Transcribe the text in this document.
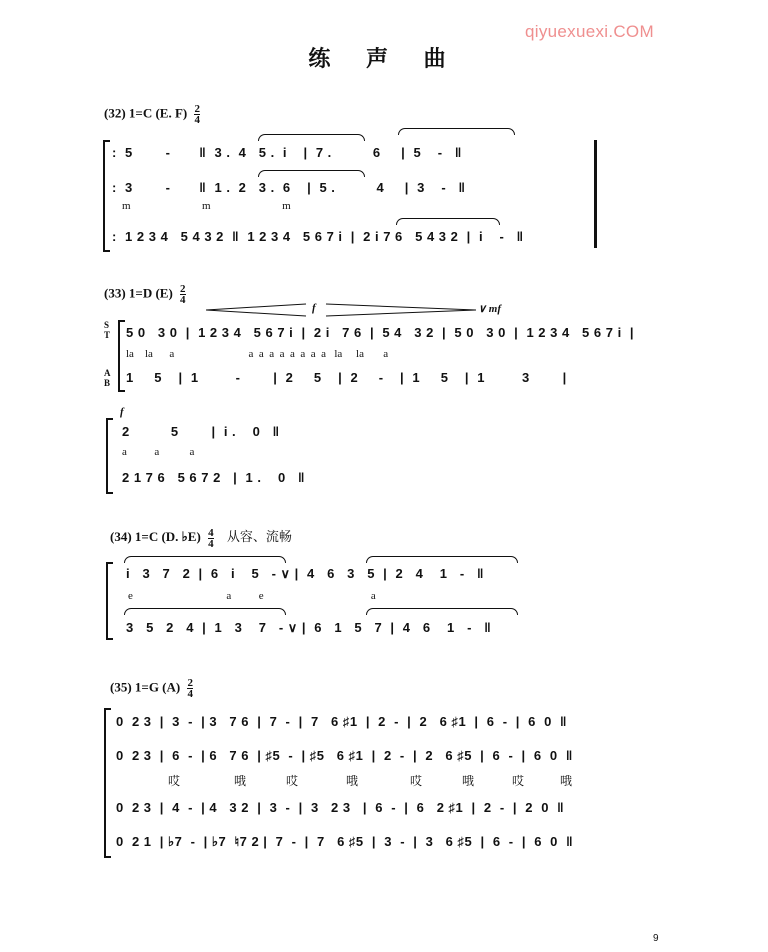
qiyuexuexi.COM
练 声 曲
(32) 1=C (E. $F) \frac{2}{4}$
:  5        -       ‖  3 .  4   5 .  i    |  7 .          6     |  5    -   ‖
:  3        -       ‖  1 .  2   3 .  6    |  5 .          4     |  3    -   ‖
m                          m                          m
:  1 2 3 4   5 4 3 2  ‖  1 2 3 4   5 6 7 i  |  2 i 7 6   5 4 3 2  |  i    -   ‖
(33) 1=D $(E) \frac{2}{4}$
f	∨ mf
S
T
A
B
5 0   3 0  |  1 2 3 4   5 6 7 i  |  2 i   7 6  |  5 4   3 2  |  5 0   3 0  |  1 2 3 4   5 6 7 i  |
la    la      a                           a  a  a  a  a  a  a  a   la     la       a
1     5    |  1         -        |  2     5    |  2     -    |  1     5    |  1         3        |
f
2          5        |  i .    0   ‖
a          a           a
2 1 7 6   5 6 7 2   |  1 .    0   ‖
(34) 1=C (D. ♭E) $\frac{4}{4}$ 从容、流畅
i   3   7   2  |  6   i    5   - ∨ |  4   6   3   5  |  2   4    1   -   ‖
e                                  a          e                                       a
3   5   2   4  |  1   3    7   - ∨ |  6   1   5   7  |  4   6    1   -   ‖
(35) 1=G $(A) \frac{2}{4}$
0  2 3  |  3  -  | 3   7 6  |  7  -  |  7   6 ♯1  |  2  -  |  2   6 ♯1  |  6  -  |  6  0  ‖
0  2 3  |  6  -  | 6   7 6  | ♯5  -  | ♯5   6 ♯1  |  2  -  |  2   6 ♯5  |  6  -  |  6  0  ‖
哎	哦	哎	哦	哎	哦	哎	哦
0  2 3  |  4  -  | 4   3 2  |  3  -  |  3   2 3   |  6  -  |  6   2 ♯1  |  2  -  |  2  0  ‖
0  2 1  | ♭7  -  | ♭7  ♮7 2 |  7  -  |  7   6 ♯5  |  3  -  |  3   6 ♯5  |  6  -  |  6  0  ‖
9
